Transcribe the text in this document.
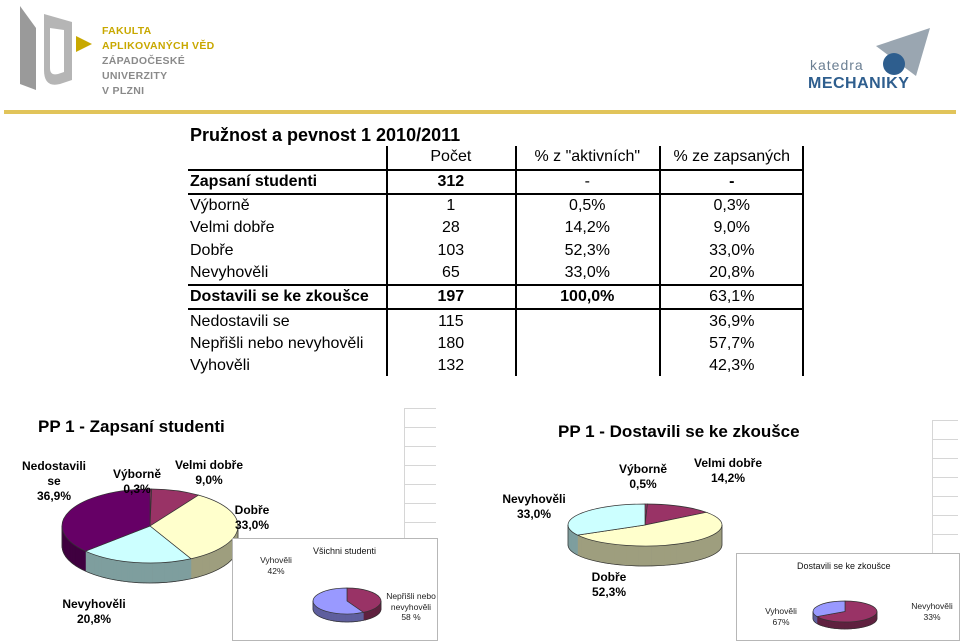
FAKULTA
APLIKOVANÝCH VĚD
ZÁPADOČESKÉ
UNIVERZITY
V PLZNI
katedra
MECHANIKY
Pružnost a pevnost 1 2010/2011			
	Počet	% z "aktivních"	% ze zapsaných
Zapsaní studenti	312	-	-
Výborně	1	0,5%	0,3%
Velmi dobře	28	14,2%	9,0%
Dobře	103	52,3%	33,0%
Nevyhověli	65	33,0%	20,8%
Dostavili se ke zkoušce	197	100,0%	63,1%
Nedostavili se	115		36,9%
Nepřišli nebo nevyhověli	180		57,7%
Vyhověli	132		42,3%
PP 1 - Zapsaní studenti
Nedostavili se
36,9%
Výborně
0,3%
Velmi dobře
9,0%
Dobře
33,0%
Nevyhověli
20,8%
Všichni studenti
Vyhověli
42%
Nepřišli nebo nevyhověli
58 %
PP 1 - Dostavili se ke zkoušce
Výborně
0,5%
Velmi dobře
14,2%
Nevyhověli
33,0%
Dobře
52,3%
Dostavili se ke zkoušce
Vyhověli
67%
Nevyhověli
33%
